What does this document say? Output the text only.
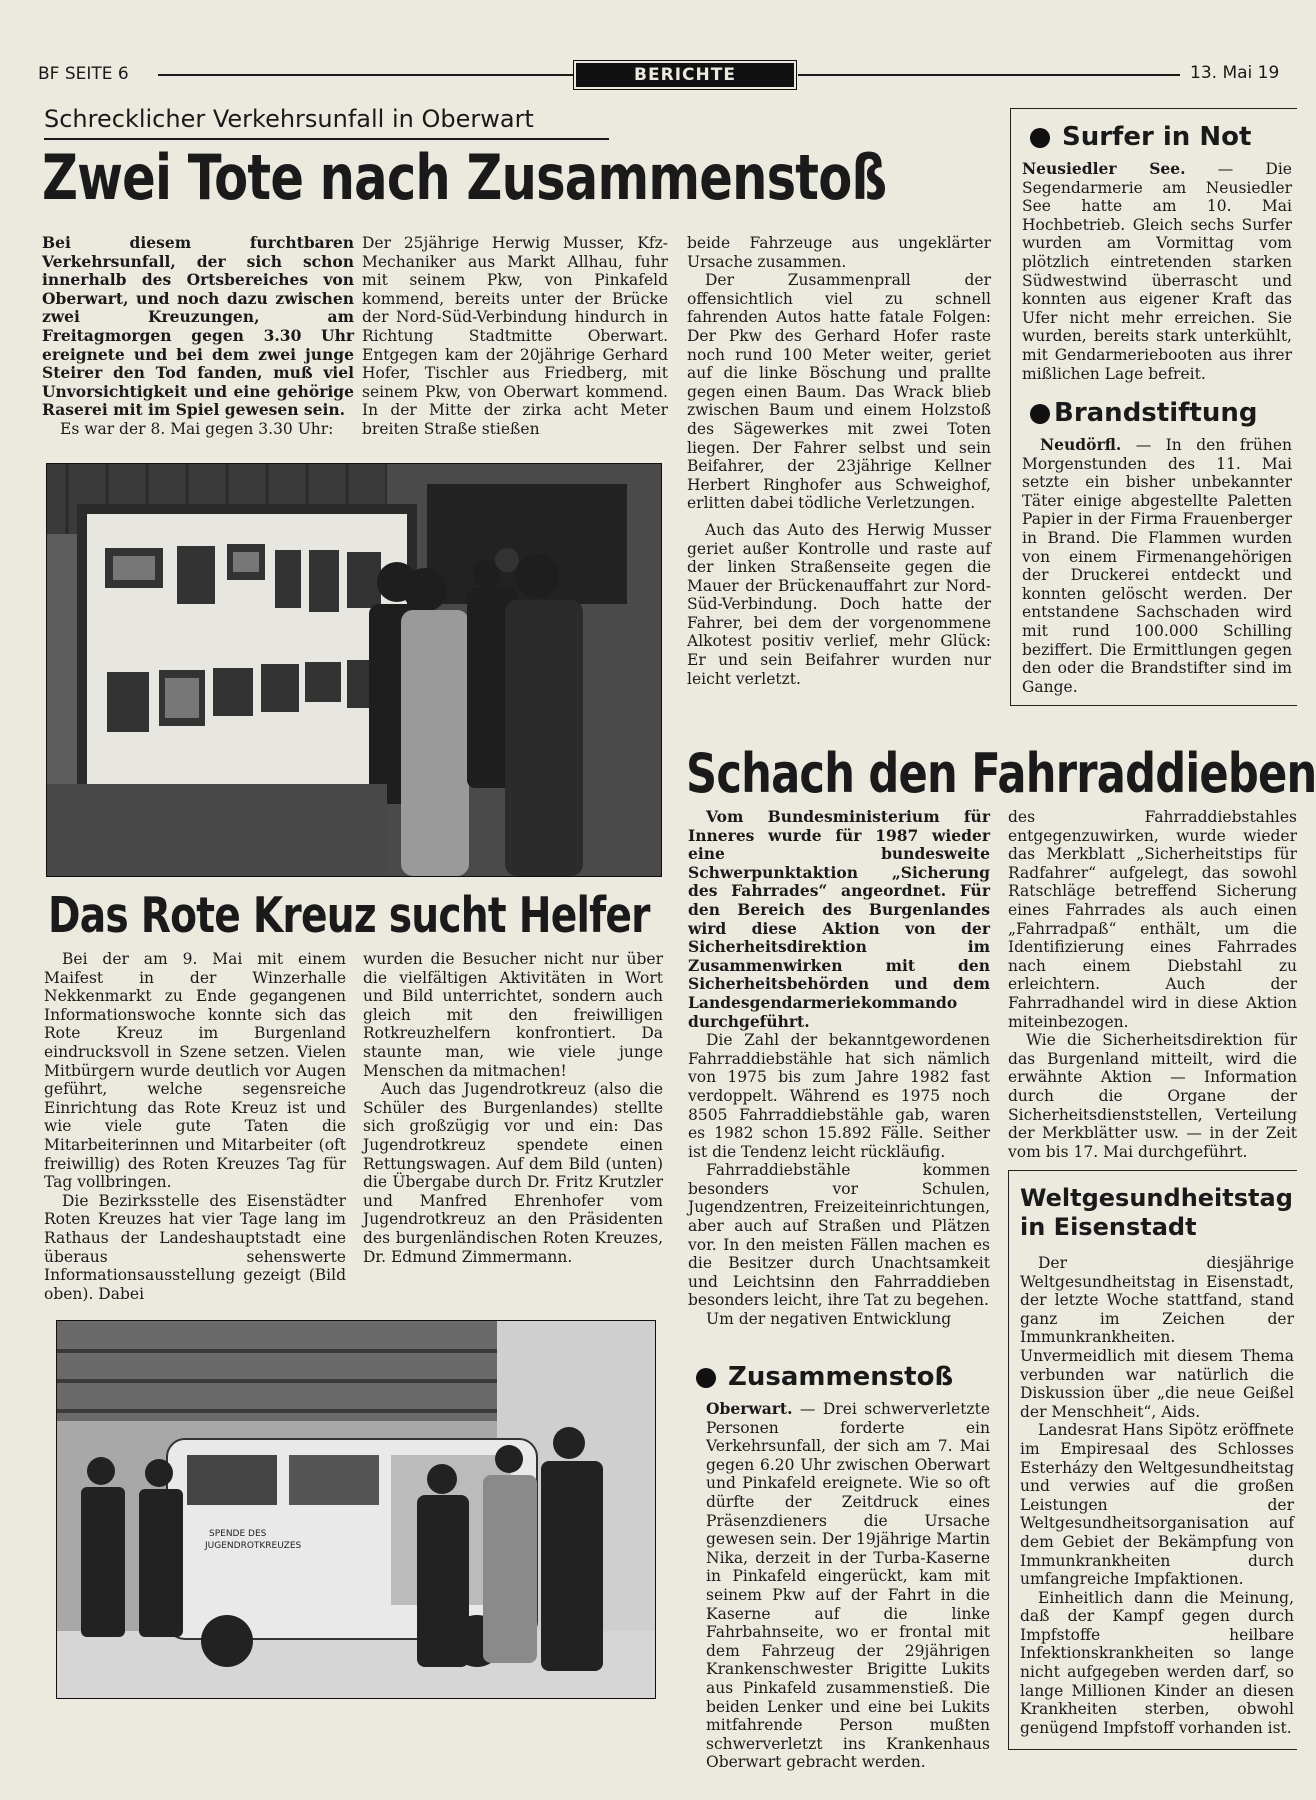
BF SEITE 6	BERICHTE	13. Mai 19
Schrecklicher Verkehrsunfall in Oberwart
Zwei Tote nach Zusammenstoß

Bei diesem furchtbaren Verkehrsunfall, der sich schon innerhalb des Ortsbereiches von Oberwart, und noch dazu zwischen zwei Kreuzungen, am Freitagmorgen gegen 3.30 Uhr ereignete und bei dem zwei junge Steirer den Tod fanden, muß viel Unvorsichtigkeit und eine gehörige Raserei mit im Spiel gewesen sein.

Es war der 8. Mai gegen 3.30 Uhr:

Der 25jährige Herwig Musser, Kfz-Mechaniker aus Markt Allhau, fuhr mit seinem Pkw, von Pinkafeld kommend, bereits unter der Brücke der Nord-Süd-Verbindung hindurch in Richtung Stadtmitte Oberwart. Entgegen kam der 20jährige Gerhard Hofer, Tischler aus Friedberg, mit seinem Pkw, von Oberwart kommend. In der Mitte der zirka acht Meter breiten Straße stießen

beide Fahrzeuge aus ungeklärter Ursache zusammen.

Der Zusammenprall der offensichtlich viel zu schnell fahrenden Autos hatte fatale Folgen: Der Pkw des Gerhard Hofer raste noch rund 100 Meter weiter, geriet auf die linke Böschung und prallte gegen einen Baum. Das Wrack blieb zwischen Baum und einem Holzstoß des Sägewerkes mit zwei Toten liegen. Der Fahrer selbst und sein Beifahrer, der 23jährige Kellner Herbert Ringhofer aus Schweighof, erlitten dabei tödliche Verletzungen.

Auch das Auto des Herwig Musser geriet außer Kontrolle und raste auf der linken Straßenseite gegen die Mauer der Brückenauffahrt zur Nord-Süd-Verbindung. Doch hatte der Fahrer, bei dem der vorgenommene Alkotest positiv verlief, mehr Glück: Er und sein Beifahrer wurden nur leicht verletzt.

Das Rote Kreuz sucht Helfer

Bei der am 9. Mai mit einem Maifest in der Winzerhalle Nekkenmarkt zu Ende gegangenen Informationswoche konnte sich das Rote Kreuz im Burgenland eindrucksvoll in Szene setzen. Vielen Mitbürgern wurde deutlich vor Augen geführt, welche segensreiche Einrichtung das Rote Kreuz ist und wie viele gute Taten die Mitarbeiterinnen und Mitarbeiter (oft freiwillig) des Roten Kreuzes Tag für Tag vollbringen.

Die Bezirksstelle des Eisenstädter Roten Kreuzes hat vier Tage lang im Rathaus der Landeshauptstadt eine überaus sehenswerte Informationsausstellung gezeigt (Bild oben). Dabei

wurden die Besucher nicht nur über die vielfältigen Aktivitäten in Wort und Bild unterrichtet, sondern auch gleich mit den freiwilligen Rotkreuzhelfern konfrontiert. Da staunte man, wie viele junge Menschen da mitmachen!

Auch das Jugendrotkreuz (also die Schüler des Burgenlandes) stellte sich großzügig vor und ein: Das Jugendrotkreuz spendete einen Rettungswagen. Auf dem Bild (unten) die Übergabe durch Dr. Fritz Krutzler und Manfred Ehrenhofer vom Jugendrotkreuz an den Präsidenten des burgenländischen Roten Kreuzes, Dr. Edmund Zimmermann.

SPENDE DES
JUGENDROTKREUZES
Surfer in Not

Neusiedler See. — Die Segendarmerie am Neusiedler See hatte am 10. Mai Hochbetrieb. Gleich sechs Surfer wurden am Vormittag vom plötzlich eintretenden starken Südwestwind überrascht und konnten aus eigener Kraft das Ufer nicht mehr erreichen. Sie wurden, bereits stark unterkühlt, mit Gendarmeriebooten aus ihrer mißlichen Lage befreit.

Brandstiftung

Neudörfl. — In den frühen Morgenstunden des 11. Mai setzte ein bisher unbekannter Täter einige abgestellte Paletten Papier in der Firma Frauenberger in Brand. Die Flammen wurden von einem Firmenangehörigen der Druckerei entdeckt und konnten gelöscht werden. Der entstandene Sachschaden wird mit rund 100.000 Schilling beziffert. Die Ermittlungen gegen den oder die Brandstifter sind im Gange.

Schach den Fahrraddieben

Vom Bundesministerium für Inneres wurde für 1987 wieder eine bundesweite Schwerpunktaktion „Sicherung des Fahrrades“ angeordnet. Für den Bereich des Burgenlandes wird diese Aktion von der Sicherheitsdirektion im Zusammenwirken mit den Sicherheitsbehörden und dem Landesgendarmeriekommando durchgeführt.

Die Zahl der bekanntgewordenen Fahrraddiebstähle hat sich nämlich von 1975 bis zum Jahre 1982 fast verdoppelt. Während es 1975 noch 8505 Fahrraddiebstähle gab, waren es 1982 schon 15.892 Fälle. Seither ist die Tendenz leicht rückläufig.

Fahrraddiebstähle kommen besonders vor Schulen, Jugendzentren, Freizeiteinrichtungen, aber auch auf Straßen und Plätzen vor. In den meisten Fällen machen es die Besitzer durch Unachtsamkeit und Leichtsinn den Fahrraddieben besonders leicht, ihre Tat zu begehen.

Um der negativen Entwicklung

des Fahrraddiebstahles entgegenzuwirken, wurde wieder das Merkblatt „Sicherheitstips für Radfahrer“ aufgelegt, das sowohl Ratschläge betreffend Sicherung eines Fahrrades als auch einen „Fahrradpaß“ enthält, um die Identifizierung eines Fahrrades nach einem Diebstahl zu erleichtern. Auch der Fahrradhandel wird in diese Aktion miteinbezogen.

Wie die Sicherheitsdirektion für das Burgenland mitteilt, wird die erwähnte Aktion — Information durch die Organe der Sicherheitsdienststellen, Verteilung der Merkblätter usw. — in der Zeit vom bis 17. Mai durchgeführt.

Zusammenstoß

Oberwart. — Drei schwerverletzte Personen forderte ein Verkehrsunfall, der sich am 7. Mai gegen 6.20 Uhr zwischen Oberwart und Pinkafeld ereignete. Wie so oft dürfte der Zeitdruck eines Präsenzdieners die Ursache gewesen sein. Der 19jährige Martin Nika, derzeit in der Turba-Kaserne in Pinkafeld eingerückt, kam mit seinem Pkw auf der Fahrt in die Kaserne auf die linke Fahrbahnseite, wo er frontal mit dem Fahrzeug der 29jährigen Krankenschwester Brigitte Lukits aus Pinkafeld zusammenstieß. Die beiden Lenker und eine bei Lukits mitfahrende Person mußten schwerverletzt ins Krankenhaus Oberwart gebracht werden.

Weltgesundheitstag
in Eisenstadt

Der diesjährige Weltgesundheitstag in Eisenstadt, der letzte Woche stattfand, stand ganz im Zeichen der Immunkrankheiten. Unvermeidlich mit diesem Thema verbunden war natürlich die Diskussion über „die neue Geißel der Menschheit“, Aids.

Landesrat Hans Sipötz eröffnete im Empiresaal des Schlosses Esterházy den Weltgesundheitstag und verwies auf die großen Leistungen der Weltgesundheitsorganisation auf dem Gebiet der Bekämpfung von Immunkrankheiten durch umfangreiche Impfaktionen.

Einheitlich dann die Meinung, daß der Kampf gegen durch Impfstoffe heilbare Infektionskrankheiten so lange nicht aufgegeben werden darf, so lange Millionen Kinder an diesen Krankheiten sterben, obwohl genügend Impfstoff vorhanden ist.
